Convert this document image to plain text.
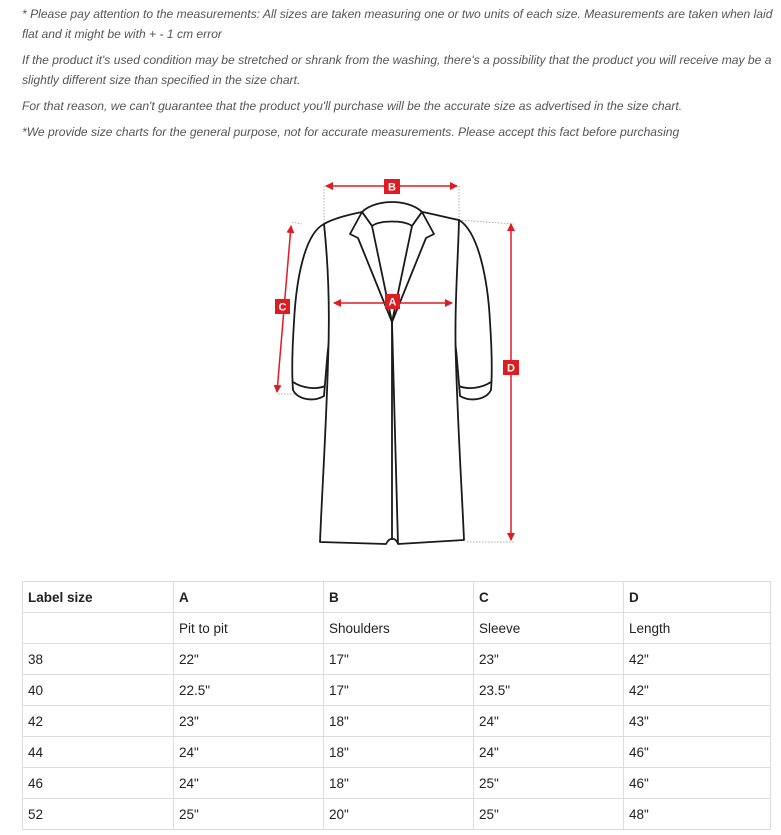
* Please pay attention to the measurements: All sizes are taken measuring one or two units of each size. Measurements are taken when laid flat and it might be with + - 1 cm error

If the product it's used condition may be stretched or shrank from the washing, there's a possibility that the product you will receive may be a slightly different size than specified in the size chart.

For that reason, we can't guarantee that the product you'll purchase will be the accurate size as advertised in the size chart.

*We provide size charts for the general purpose, not for accurate measurements. Please accept this fact before purchasing

B
A
C
D
Label size	A	B	C	D
	Pit to pit	Shoulders	Sleeve	Length
38	22"	17"	23"	42"
40	22.5"	17"	23.5"	42"
42	23"	18"	24"	43"
44	24"	18"	24"	46"
46	24"	18"	25"	46"
52	25"	20"	25"	48"
